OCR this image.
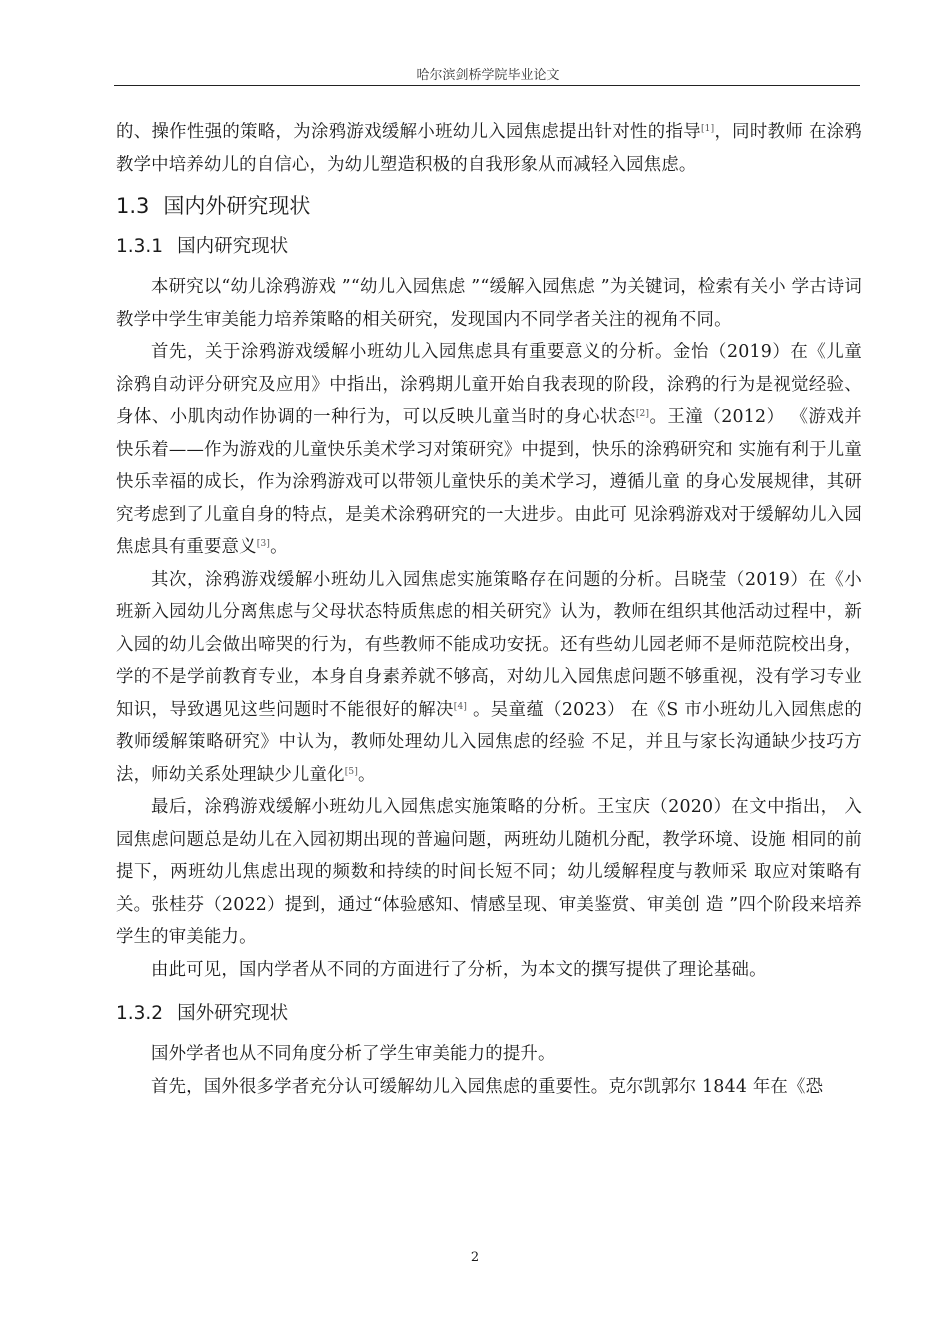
哈尔滨剑桥学院毕业论文

的、操作性强的策略，为涂鸦游戏缓解小班幼儿入园焦虑提出针对性的指导[1]，同时教师 在涂鸦教学中培养幼儿的自信心，为幼儿塑造积极的自我形象从而减轻入园焦虑。

1.3 国内外研究现状
1.3.1 国内研究现状

本研究以“幼儿涂鸦游戏 ”“幼儿入园焦虑 ”“缓解入园焦虑 ”为关键词，检索有关小 学古诗词教学中学生审美能力培养策略的相关研究，发现国内不同学者关注的视角不同。

首先，关于涂鸦游戏缓解小班幼儿入园焦虑具有重要意义的分析。金怡（2019）在《儿童涂鸦自动评分研究及应用》中指出，涂鸦期儿童开始自我表现的阶段，涂鸦的行为是视觉经验、身体、小肌肉动作协调的一种行为，可以反映儿童当时的身心状态[2]。王潼（2012） 《游戏并快乐着——作为游戏的儿童快乐美术学习对策研究》中提到，快乐的涂鸦研究和 实施有利于儿童快乐幸福的成长，作为涂鸦游戏可以带领儿童快乐的美术学习，遵循儿童 的身心发展规律，其研究考虑到了儿童自身的特点，是美术涂鸦研究的一大进步。由此可 见涂鸦游戏对于缓解幼儿入园焦虑具有重要意义[3]。

其次，涂鸦游戏缓解小班幼儿入园焦虑实施策略存在问题的分析。吕晓莹（2019）在《小班新入园幼儿分离焦虑与父母状态特质焦虑的相关研究》认为，教师在组织其他活动过程中，新入园的幼儿会做出啼哭的行为，有些教师不能成功安抚。还有些幼儿园老师不是师范院校出身，学的不是学前教育专业，本身自身素养就不够高，对幼儿入园焦虑问题不够重视，没有学习专业知识，导致遇见这些问题时不能很好的解决[4] 。吴童蕴（2023） 在《S 市小班幼儿入园焦虑的教师缓解策略研究》中认为，教师处理幼儿入园焦虑的经验 不足，并且与家长沟通缺少技巧方法，师幼关系处理缺少儿童化[5]。

最后，涂鸦游戏缓解小班幼儿入园焦虑实施策略的分析。王宝庆（2020）在文中指出， 入园焦虑问题总是幼儿在入园初期出现的普遍问题，两班幼儿随机分配，教学环境、设施 相同的前提下，两班幼儿焦虑出现的频数和持续的时间长短不同；幼儿缓解程度与教师采 取应对策略有关。张桂芬（2022）提到，通过“体验感知、情感呈现、审美鉴赏、审美创 造 ”四个阶段来培养学生的审美能力。

由此可见，国内学者从不同的方面进行了分析，为本文的撰写提供了理论基础。

1.3.2 国外研究现状

国外学者也从不同角度分析了学生审美能力的提升。

首先，国外很多学者充分认可缓解幼儿入园焦虑的重要性。克尔凯郭尔 1844 年在《恐

2
